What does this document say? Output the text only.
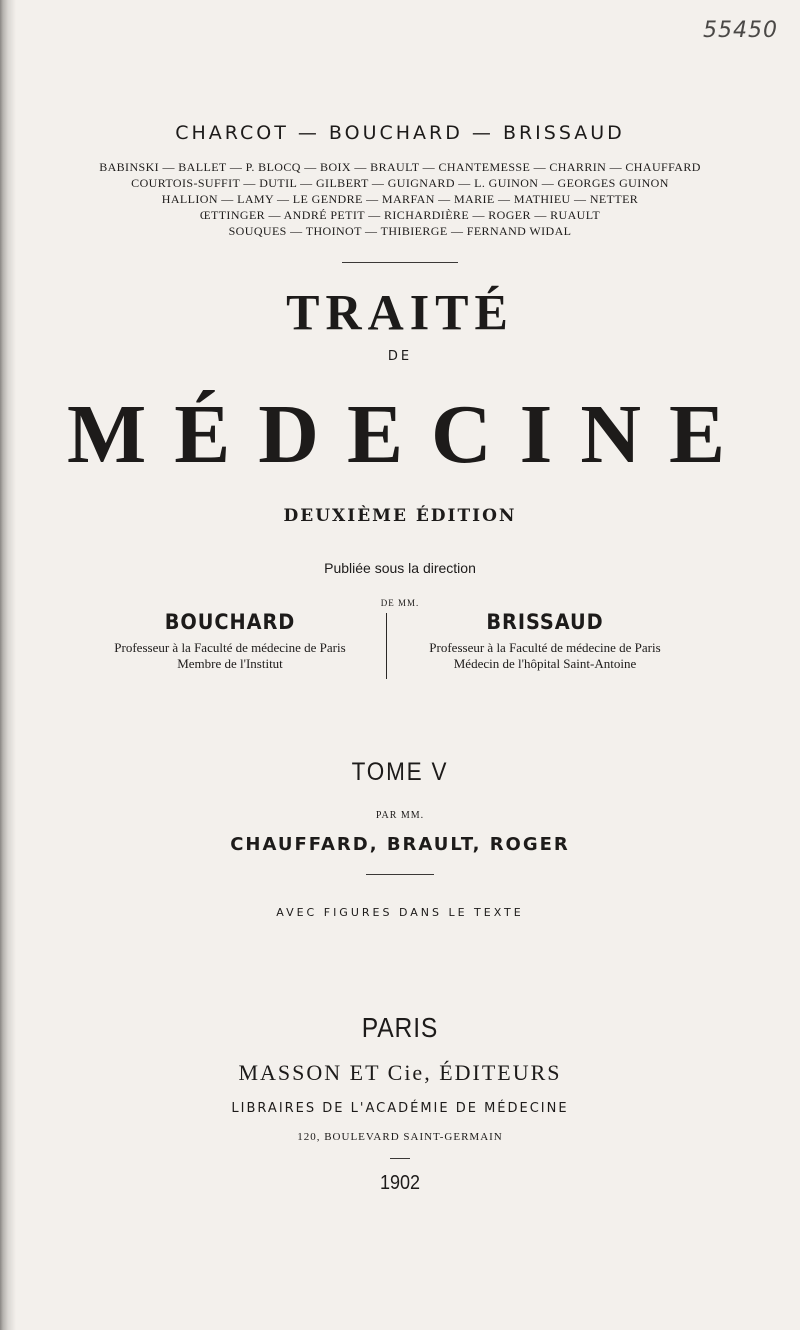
55450
CHARCOT — BOUCHARD — BRISSAUD
BABINSKI — BALLET — P. BLOCQ — BOIX — BRAULT — CHANTEMESSE — CHARRIN — CHAUFFARD
COURTOIS-SUFFIT — DUTIL — GILBERT — GUIGNARD — L. GUINON — GEORGES GUINON
HALLION — LAMY — LE GENDRE — MARFAN — MARIE — MATHIEU — NETTER
ŒTTINGER — ANDRÉ PETIT — RICHARDIÈRE — ROGER — RUAULT
SOUQUES — THOINOT — THIBIERGE — FERNAND WIDAL
TRAITÉ
DE
MÉDECINE
DEUXIÈME ÉDITION
Publiée sous la direction
DE MM.
BOUCHARD
Professeur à la Faculté de médecine de Paris
Membre de l'Institut
BRISSAUD
Professeur à la Faculté de médecine de Paris
Médecin de l'hôpital Saint-Antoine
TOME V
PAR MM.
CHAUFFARD, BRAULT, ROGER
AVEC FIGURES DANS LE TEXTE
PARIS
MASSON ET Cie, ÉDITEURS
LIBRAIRES DE L'ACADÉMIE DE MÉDECINE
120, BOULEVARD SAINT-GERMAIN
1902
